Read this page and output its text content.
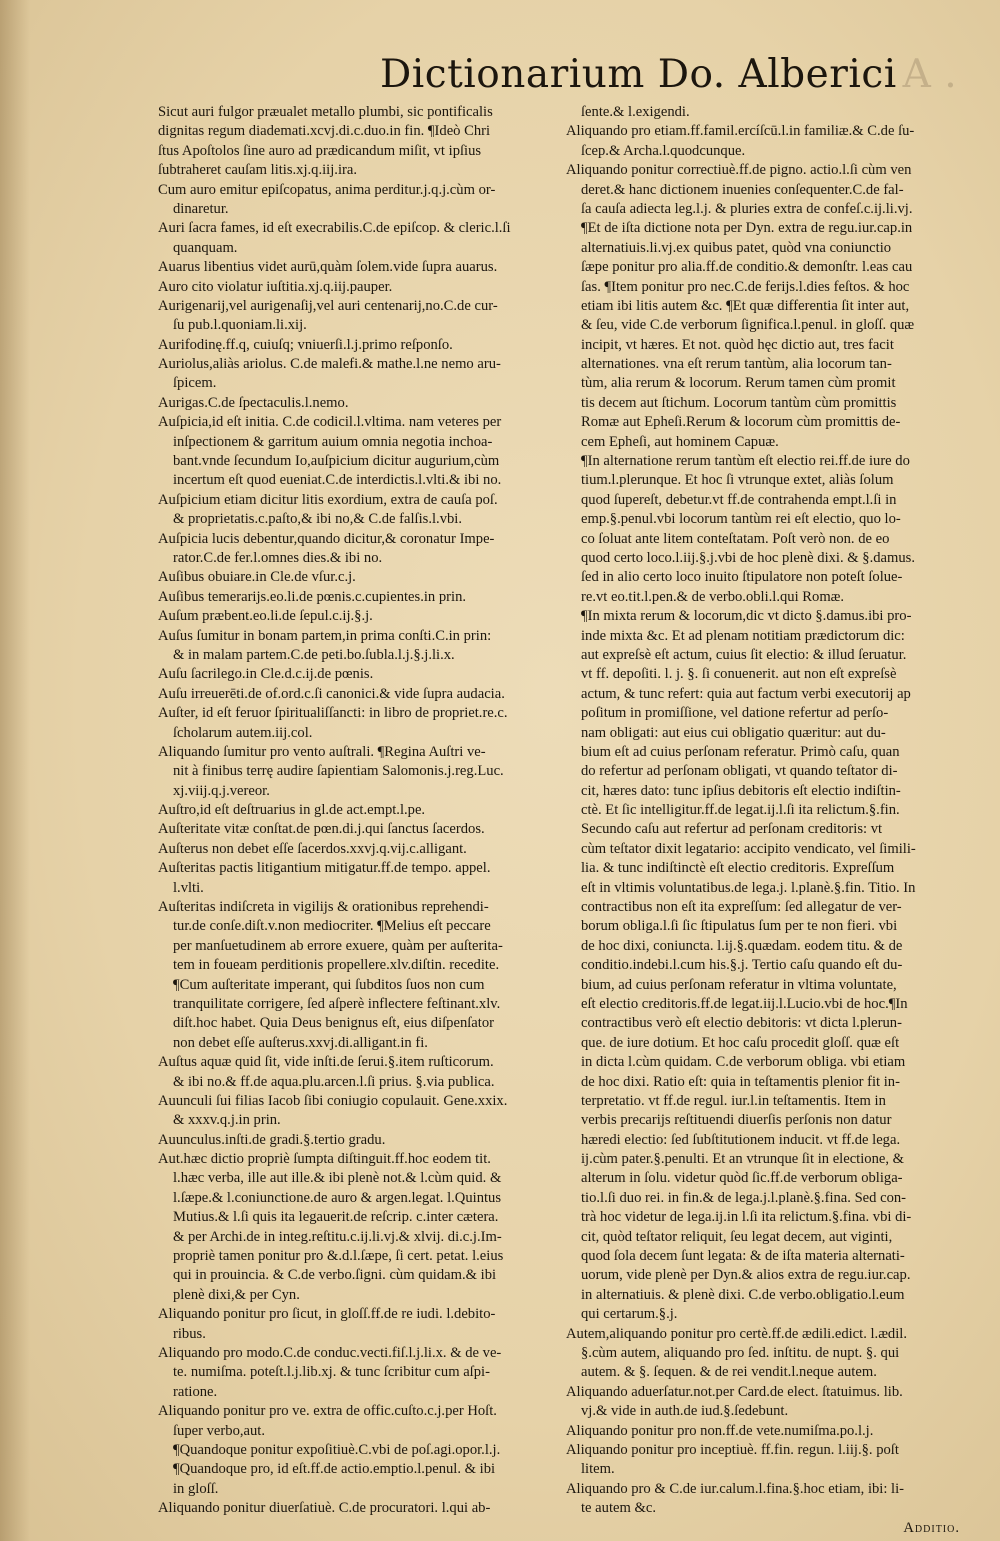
Dictionarium Do. Alberici A .
Sicut auri fulgor præualet metallo plumbi, sic pontificalis
dignitas regum diademati.xcvj.di.c.duo.in fin. ¶Ideò Chri
ſtus Apoſtolos ſine auro ad prædicandum miſit, vt ipſius
ſubtraheret cauſam litis.xj.q.iij.ira.
Cum auro emitur epiſcopatus, anima perditur.j.q.j.cùm or-
dinaretur.
Auri ſacra fames, id eſt execrabilis.C.de epiſcop. & cleric.l.ſi
quanquam.
Auarus libentius videt aurū,quàm ſolem.vide ſupra auarus.
Auro cito violatur iuſtitia.xj.q.iij.pauper.
Aurigenarij,vel aurigenaſij,vel auri centenarij,no.C.de cur-
ſu pub.l.quoniam.li.xij.
Aurifodinę.ff.q, cuiuſq; vniuerſi.l.j.primo reſponſo.
Auriolus,aliàs ariolus. C.de malefi.& mathe.l.ne nemo aru-
ſpicem.
Aurigas.C.de ſpectaculis.l.nemo.
Auſpicia,id eſt initia. C.de codicil.l.vltima. nam veteres per
inſpectionem & garritum auium omnia negotia inchoa-
bant.vnde ſecundum Io,auſpicium dicitur augurium,cùm
incertum eſt quod eueniat.C.de interdictis.l.vlti.& ibi no.
Auſpicium etiam dicitur litis exordium, extra de cauſa poſ.
& proprietatis.c.paſto,& ibi no,& C.de falſis.l.vbi.
Auſpicia lucis debentur,quando dicitur,& coronatur Impe-
rator.C.de fer.l.omnes dies.& ibi no.
Auſibus obuiare.in Cle.de vſur.c.j.
Auſibus temerarijs.eo.li.de pœnis.c.cupientes.in prin.
Auſum præbent.eo.li.de ſepul.c.ij.§.j.
Auſus ſumitur in bonam partem,in prima conſti.C.in prin:
& in malam partem.C.de peti.bo.ſubla.l.j.§.j.li.x.
Auſu ſacrilego.in Cle.d.c.ij.de pœnis.
Auſu irreuerēti.de of.ord.c.ſi canonici.& vide ſupra audacia.
Auſter, id eſt feruor ſpiritualiſſancti: in libro de propriet.re.c.
ſcholarum autem.iij.col.
Aliquando ſumitur pro vento auſtrali. ¶Regina Auſtri ve-
nit à finibus terrę audire ſapientiam Salomonis.j.reg.Luc.
xj.viij.q.j.vereor.
Auſtro,id eſt deſtruarius in gl.de act.empt.l.pe.
Auſteritate vitæ conſtat.de pœn.di.j.qui ſanctus ſacerdos.
Auſterus non debet eſſe ſacerdos.xxvj.q.vij.c.alligant.
Auſteritas pactis litigantium mitigatur.ff.de tempo. appel.
l.vlti.
Auſteritas indiſcreta in vigilijs & orationibus reprehendi-
tur.de conſe.diſt.v.non mediocriter. ¶Melius eſt peccare
per manſuetudinem ab errore exuere, quàm per auſterita-
tem in foueam perditionis propellere.xlv.diſtin. recedite.
¶Cum auſteritate imperant, qui ſubditos ſuos non cum
tranquilitate corrigere, ſed aſperè inflectere feſtinant.xlv.
diſt.hoc habet. Quia Deus benignus eſt, eius diſpenſator
non debet eſſe auſterus.xxvj.di.alligant.in fi.
Auſtus aquæ quid ſit, vide inſti.de ſerui.§.item ruſticorum.
& ibi no.& ff.de aqua.plu.arcen.l.ſi prius. §.via publica.
Auunculi ſui filias Iacob ſibi coniugio copulauit. Gene.xxix.
& xxxv.q.j.in prin.
Auunculus.inſti.de gradi.§.tertio gradu.
Aut.hæc dictio propriè ſumpta diſtinguit.ff.hoc eodem tit.
l.hæc verba, ille aut ille.& ibi plenè not.& l.cùm quid. &
l.ſæpe.& l.coniunctione.de auro & argen.legat. l.Quintus
Mutius.& l.ſi quis ita legauerit.de reſcrip. c.inter cætera.
& per Archi.de in integ.reſtitu.c.ij.li.vj.& xlvij. di.c.j.Im-
propriè tamen ponitur pro &.d.l.ſæpe, ſi cert. petat. l.eius
qui in prouincia. & C.de verbo.ſigni. cùm quidam.& ibi
plenè dixi,& per Cyn.
Aliquando ponitur pro ſicut, in gloſſ.ff.de re iudi. l.debito-
ribus.
Aliquando pro modo.C.de conduc.vecti.fiſ.l.j.li.x. & de ve-
te. numiſma. poteſt.l.j.lib.xj. & tunc ſcribitur cum aſpi-
ratione.
Aliquando ponitur pro ve. extra de offic.cuſto.c.j.per Hoſt.
ſuper verbo,aut.
¶Quandoque ponitur expoſitiuè.C.vbi de poſ.agi.opor.l.j.
¶Quandoque pro, id eſt.ff.de actio.emptio.l.penul. & ibi
in gloſſ.
Aliquando ponitur diuerſatiuè. C.de procuratori. l.qui ab-
ſente.& l.exigendi.
Aliquando pro etiam.ff.famil.ercíſcū.l.in familiæ.& C.de ſu-
ſcep.& Archa.l.quodcunque.
Aliquando ponitur correctiuè.ff.de pigno. actio.l.ſi cùm ven
deret.& hanc dictionem inuenies conſequenter.C.de fal-
ſa cauſa adiecta leg.l.j. & pluries extra de confeſ.c.ij.li.vj.
¶Et de iſta dictione nota per Dyn. extra de regu.iur.cap.in
alternatiuis.li.vj.ex quibus patet, quòd vna coniunctio
ſæpe ponitur pro alia.ff.de conditio.& demonſtr. l.eas cau
ſas. ¶Item ponitur pro nec.C.de ferijs.l.dies feſtos. & hoc
etiam ibi litis autem &c. ¶Et quæ differentia ſit inter aut,
& ſeu, vide C.de verborum ſignifica.l.penul. in gloſſ. quæ
incipit, vt hæres. Et not. quòd hęc dictio aut, tres facit
alternationes. vna eſt rerum tantùm, alia locorum tan-
tùm, alia rerum & locorum. Rerum tamen cùm promit
tis decem aut ſtichum. Locorum tantùm cùm promittis
Romæ aut Epheſi.Rerum & locorum cùm promittis de-
cem Epheſi, aut hominem Capuæ.
¶In alternatione rerum tantùm eſt electio rei.ff.de iure do
tium.l.plerunque. Et hoc ſi vtrunque extet, aliàs ſolum
quod ſupereſt, debetur.vt ff.de contrahenda empt.l.ſi in
emp.§.penul.vbi locorum tantùm rei eſt electio, quo lo-
co ſoluat ante litem conteſtatam. Poſt verò non. de eo
quod certo loco.l.iij.§.j.vbi de hoc plenè dixi. & §.damus.
ſed in alio certo loco inuito ſtipulatore non poteſt ſolue-
re.vt eo.tit.l.pen.& de verbo.obli.l.qui Romæ.
¶In mixta rerum & locorum,dic vt dicto §.damus.ibi pro-
inde mixta &c. Et ad plenam notitiam prædictorum dic:
aut expreſsè eſt actum, cuius ſit electio: & illud ſeruatur.
vt ff. depoſiti. l. j. §. ſi conuenerit. aut non eſt expreſsè
actum, & tunc refert: quia aut factum verbi executorij ap
poſitum in promiſſione, vel datione refertur ad perſo-
nam obligati: aut eius cui obligatio quæritur: aut du-
bium eſt ad cuius perſonam referatur. Primò caſu, quan
do refertur ad perſonam obligati, vt quando teſtator di-
cit, hæres dato: tunc ipſius debitoris eſt electio indiſtin-
ctè. Et ſic intelligitur.ff.de legat.ij.l.ſi ita relictum.§.fin.
Secundo caſu aut refertur ad perſonam creditoris: vt
cùm teſtator dixit legatario: accipito vendicato, vel ſimili-
lia. & tunc indiſtinctè eſt electio creditoris. Expreſſum
eſt in vltimis voluntatibus.de lega.j. l.planè.§.fin. Titio. In
contractibus non eſt ita expreſſum: ſed allegatur de ver-
borum obliga.l.ſi ſic ſtipulatus ſum per te non fieri. vbi
de hoc dixi, coniuncta. l.ij.§.quædam. eodem titu. & de
conditio.indebi.l.cum his.§.j. Tertio caſu quando eſt du-
bium, ad cuius perſonam referatur in vltima voluntate,
eſt electio creditoris.ff.de legat.iij.l.Lucio.vbi de hoc.¶In
contractibus verò eſt electio debitoris: vt dicta l.plerun-
que. de iure dotium. Et hoc caſu procedit gloſſ. quæ eſt
in dicta l.cùm quidam. C.de verborum obliga. vbi etiam
de hoc dixi. Ratio eſt: quia in teſtamentis plenior fit in-
terpretatio. vt ff.de regul. iur.l.in teſtamentis. Item in
verbis precarijs reſtituendi diuerſis perſonis non datur
hæredi electio: ſed ſubſtitutionem inducit. vt ff.de lega.
ij.cùm pater.§.penulti. Et an vtrunque ſit in electione, &
alterum in ſolu. videtur quòd ſic.ff.de verborum obliga-
tio.l.ſi duo rei. in fin.& de lega.j.l.planè.§.fina. Sed con-
trà hoc videtur de lega.ij.in l.ſi ita relictum.§.fina. vbi di-
cit, quòd teſtator reliquit, ſeu legat decem, aut viginti,
quod ſola decem ſunt legata: & de iſta materia alternati-
uorum, vide plenè per Dyn.& alios extra de regu.iur.cap.
in alternatiuis. & plenè dixi. C.de verbo.obligatio.l.eum
qui certarum.§.j.
Autem,aliquando ponitur pro certè.ff.de ædili.edict. l.ædil.
§.cùm autem, aliquando pro ſed. inſtitu. de nupt. §. qui
autem. & §. ſequen. & de rei vendit.l.neque autem.
Aliquando aduerſatur.not.per Card.de elect. ſtatuimus. lib.
vj.& vide in auth.de iud.§.ſedebunt.
Aliquando ponitur pro non.ff.de vete.numiſma.po.l.j.
Aliquando ponitur pro inceptiuè. ff.fin. regun. l.iij.§. poſt
litem.
Aliquando pro & C.de iur.calum.l.fina.§.hoc etiam, ibi: li-
te autem &c.
Additio.
